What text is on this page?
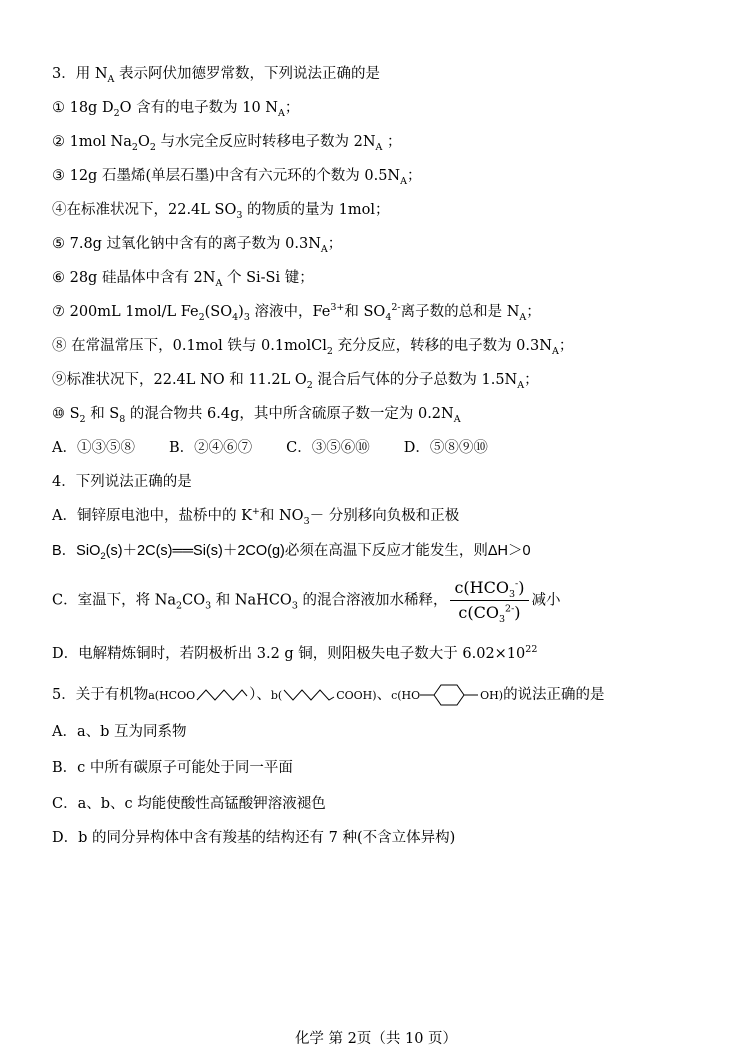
3．用 $N_A$ 表示阿伏加德罗常数，下列说法正确的是
① 18g $D_2O$ 含有的电子数为 10 $N_A$；
② 1mol $Na_2O_2$ 与水完全反应时转移电子数为 $2N_A$ ；
③ 12g 石墨烯(单层石墨)中含有六元环的个数为 $0.5N_A$；
④在标准状况下，22.4L $SO_3$ 的物质的量为 1mol；
⑤ 7.8g 过氧化钠中含有的离子数为 $0.3N_A$；
⑥ 28g 硅晶体中含有 $2N_A$ 个 Si-Si 键；
⑦ 200mL 1mol/L $Fe_2(SO_4)_3$ 溶液中，$Fe^{3+}$和 $SO_4^{2-}$离子数的总和是 $N_A$；
⑧ 在常温常压下，0.1mol 铁与 0.1molCl$_2$ 充分反应，转移的电子数为 $0.3N_A$；
⑨标准状况下，22.4L NO 和 11.2L $O_2$ 混合后气体的分子总数为 $1.5N_A$；
⑩ $S_2$ 和 $S_8$ 的混合物共 6.4g，其中所含硫原子数一定为 $0.2N_A$
A．①③⑤⑧ B．②④⑥⑦ C．③⑤⑥⑩ D．⑤⑧⑨⑩
4．下列说法正确的是
A．铜锌原电池中，盐桥中的 K+和 $NO_3-$ 分别移向负极和正极
B．SiO$_2$(s)＋2C(s)══Si(s)＋2CO(g)必须在高温下反应才能发生，则ΔH＞0
C．室温下，将 $Na_2CO_3$ 和 NaHCO$_3$ 的混合溶液加水稀释， $\frac{c(HCO_3^-)}{c(CO_3^{2-})}$ 减小
D．电解精炼铜时，若阴极析出 3.2 g 铜，则阳极失电子数大于 $6.02\times 10^{22}$
5．关于有机物a(HCOO	）、b(	COOH)、c(HO	OH)的说法正确的是
A．a、b 互为同系物
B．c 中所有碳原子可能处于同一平面
C．a、b、c 均能使酸性高锰酸钾溶液褪色
D．b 的同分异构体中含有羧基的结构还有 7 种(不含立体异构)
化学 第 2页（共 10 页）
